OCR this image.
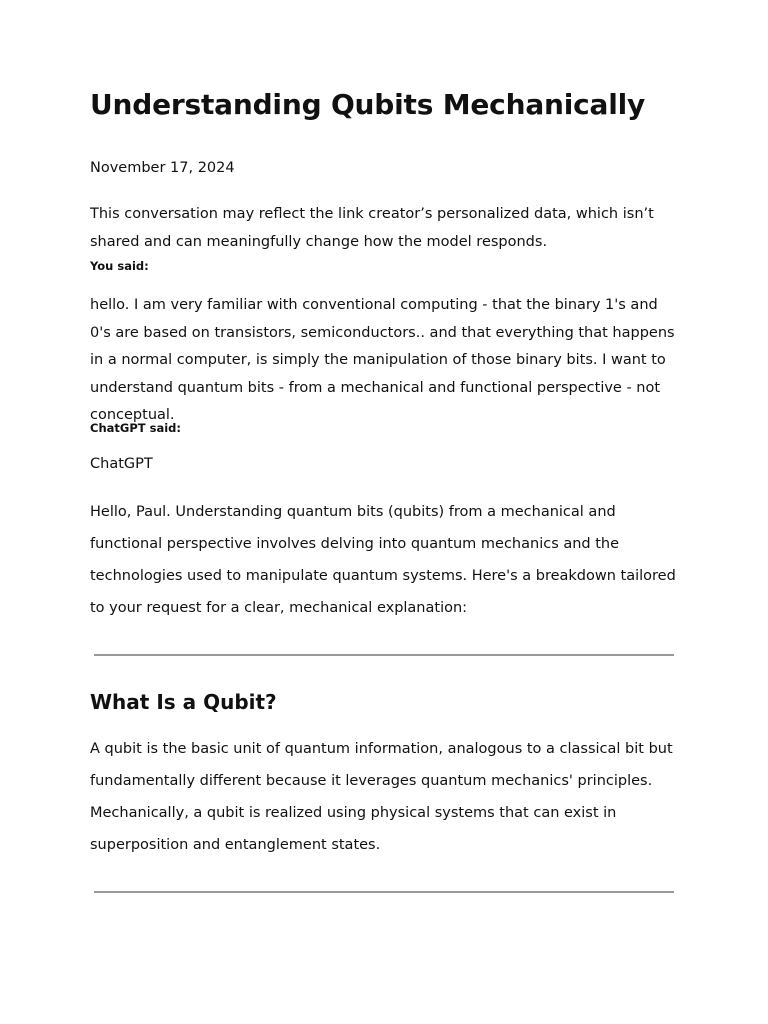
Understanding Qubits Mechanically
November 17, 2024

This conversation may reflect the link creator’s personalized data, which isn’t shared and can meaningfully change how the model responds.

You said:

hello. I am very familiar with conventional computing - that the binary 1's and 0's are based on transistors, semiconductors.. and that everything that happens in a normal computer, is simply the manipulation of those binary bits. I want to understand quantum bits - from a mechanical and functional perspective - not conceptual.

ChatGPT said:
ChatGPT

Hello, Paul. Understanding quantum bits (qubits) from a mechanical and functional perspective involves delving into quantum mechanics and the technologies used to manipulate quantum systems. Here's a breakdown tailored to your request for a clear, mechanical explanation:

What Is a Qubit?

A qubit is the basic unit of quantum information, analogous to a classical bit but fundamentally different because it leverages quantum mechanics' principles. Mechanically, a qubit is realized using physical systems that can exist in superposition and entanglement states.
